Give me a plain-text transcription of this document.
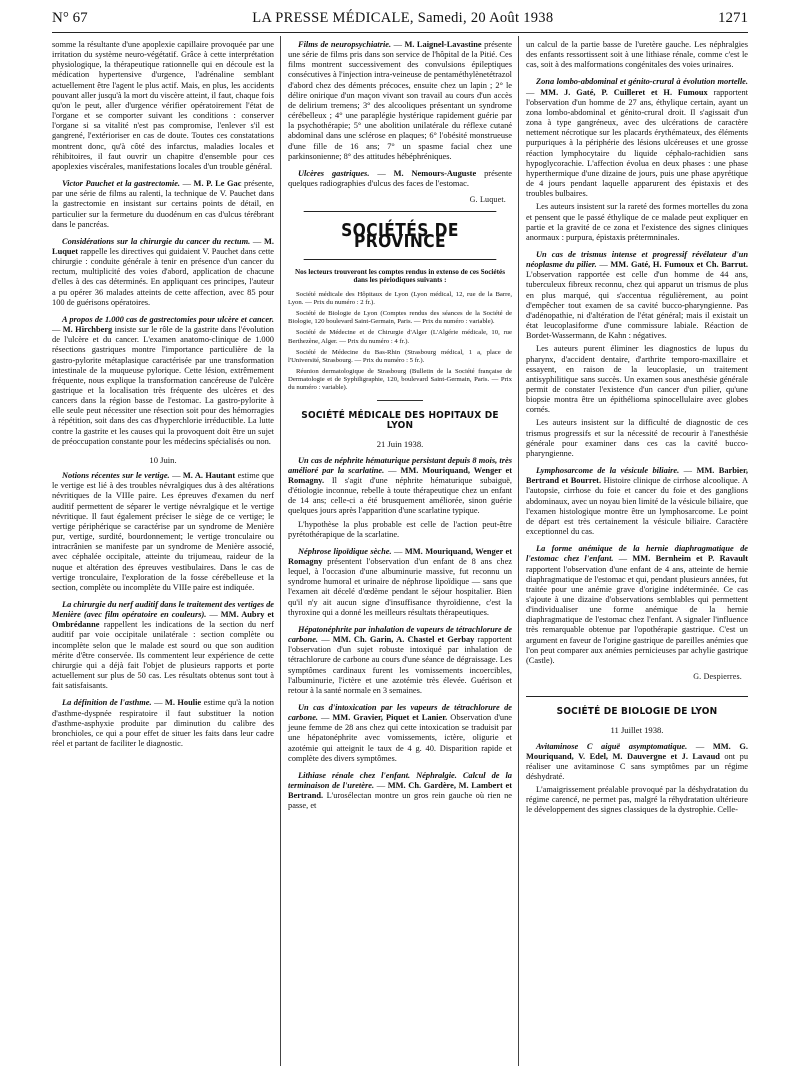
N° 67	LA PRESSE MÉDICALE, Samedi, 20 Août 1938	1271

somme la résultante d'une apoplexie capillaire provoquée par une irritation du système neuro-végétatif. Grâce à cette interprétation physiologique, la thérapeutique rationnelle qui en découle est la médication hypertensive d'urgence, l'adrénaline semblant actuellement être l'agent le plus actif. Mais, en plus, les accidents pouvant aller jusqu'à la mort du viscère atteint, il faut, chaque fois qu'on le peut, aller d'urgence vérifier opératoirement l'état de l'organe et se comporter suivant les conditions : conserver l'organe si sa vitalité n'est pas compromise, l'enlever s'il est gangrené, l'extérioriser en cas de doute. Toutes ces constatations montrent donc, qu'à côté des infarctus, maladies locales et réhibitoires, il faut ouvrir un chapitre d'ensemble pour ces apoplexies viscérales, manifestations locales d'un trouble général.

Victor Pauchet et la gastrectomie. — M. P. Le Gac présente, par une série de films au ralenti, la technique de V. Pauchet dans la gastrectomie en insistant sur certains points de détail, en particulier sur la fermeture du duodénum en cas d'ulcus térébrant dans le pancréas.

Considérations sur la chirurgie du cancer du rectum. — M. Luquet rappelle les directives qui guidaient V. Pauchet dans cette chirurgie : conduite générale à tenir en présence d'un cancer du rectum, multiplicité des voies d'abord, application de chacune d'elles à des cas déterminés. En appliquant ces principes, l'auteur a pu opérer 36 malades atteints de cette affection, avec 85 pour 100 de guérisons opératoires.

A propos de 1.000 cas de gastrectomies pour ulcère et cancer. — M. Hirchberg insiste sur le rôle de la gastrite dans l'évolution de l'ulcère et du cancer. L'examen anatomo-clinique de 1.000 résections gastriques montre l'importance particulière de la gastro-pylorite métaplasique caractérisée par une transformation intestinale de la muqueuse pylorique. Cette lésion, extrêmement fréquente, nous explique la transformation cancéreuse de l'ulcère gastrique et la localisation très fréquente des ulcères et des cancers dans la région basse de l'estomac. La gastro-pylorite à elle seule peut nécessiter une résection soit pour des hémorragies à répétition, soit dans des cas d'hyperchlorie irréductible. La lutte contre la gastrite et les causes qui la provoquent doit être un sujet de préoccupation constante pour les médecins spécialisés ou non.

10 Juin.

Notions récentes sur le vertige. — M. A. Hautant estime que le vertige est lié à des troubles névralgiques dus à des altérations névritiques de la VIIIe paire. Les épreuves d'examen du nerf auditif permettent de séparer le vertige névralgique et le vertige névritique. Il faut également préciser le siège de ce vertige; le vertige périphérique se caractérise par un syndrome de Menière pur, vertige, surdité, bourdonnement; le vertige tronculaire ou intracrânien se manifeste par un syndrome de Menière associé, avec céphalée occipitale, atteinte du trijumeau, raideur de la nuque et altération des épreuves vestibulaires. Dans le cas de vertige tronculaire, l'exploration de la fosse cérébelleuse et la section, complète ou incomplète du VIIIe paire est indiquée.

La chirurgie du nerf auditif dans le traitement des vertiges de Menière (avec film opératoire en couleurs). — MM. Aubry et Ombrédanne rappellent les indications de la section du nerf auditif par voie occipitale unilatérale : section complète ou incomplète selon que le malade est sourd ou que son audition mérite d'être conservée. Ils commentent leur expérience de cette chirurgie qui a déjà fait l'objet de plusieurs rapports et porte actuellement sur plus de 50 cas. Les résultats obtenus sont tout à fait satisfaisants.

La définition de l'asthme. — M. Houlie estime qu'à la notion d'asthme-dyspnée respiratoire il faut substituer la notion d'asthme-asphyxie produite par diminution du calibre des bronchioles, ce qui a pour effet de situer les faits dans leur cadre réel et partant de faciliter le diagnostic.

Films de neuropsychiatrie. — M. Laignel-Lavastine présente une série de films pris dans son service de l'hôpital de la Pitié. Ces films montrent successivement des convulsions épileptiques consécutives à l'injection intra-veineuse de pentaméthylènetétrazol d'abord chez des déments précoces, ensuite chez un lapin ; 2° le délire onirique d'un maçon vivant son travail au cours d'un accès de delirium tremens; 3° des alcooliques présentant un syndrome cérébelleux ; 4° une paraplégie hystérique rapidement guérie par la psychothérapie; 5° une abolition unilatérale du réflexe cutané abdominal dans une sclérose en plaques; 6° l'obésité monstrueuse d'une fille de 16 ans; 7° un spasme facial chez une parkinsonienne; 8° des attitudes hébéphréniques.

Ulcères gastriques. — M. Nemours-Auguste présente quelques radiographies d'ulcus des faces de l'estomac.

G. Luquet.
SOCIÉTÉS DE PROVINCE

Nos lecteurs trouveront les comptes rendus in extenso de ces Sociétés dans les périodiques suivants :

Société médicale des Hôpitaux de Lyon (Lyon médical, 12, rue de la Barre, Lyon. — Prix du numéro : 2 fr.).

Société de Biologie de Lyon (Comptes rendus des séances de la Société de Biologie, 120 boulevard Saint-Germain, Paris. — Prix du numéro : variable).

Société de Médecine et de Chirurgie d'Alger (L'Algérie médicale, 10, rue Berthezène, Alger. — Prix du numéro : 4 fr.).

Société de Médecine du Bas-Rhin (Strasbourg médical, 1 a, place de l'Université, Strasbourg. — Prix du numéro : 5 fr.).

Réunion dermatologique de Strasbourg (Bulletin de la Société française de Dermatologie et de Syphiligraphie, 120, boulevard Saint-Germain, Paris. — Prix du numéro : variable).

SOCIÉTÉ MÉDICALE DES HOPITAUX DE LYON
21 Juin 1938.

Un cas de néphrite hématurique persistant depuis 8 mois, très amélioré par la scarlatine. — MM. Mouriquand, Wenger et Romagny. Il s'agit d'une néphrite hématurique subaiguë, d'étiologie inconnue, rebelle à toute thérapeutique chez un enfant de 14 ans; celle-ci a été brusquement améliorée, sinon guérie quelques jours après l'apparition d'une scarlatine typique.

L'hypothèse la plus probable est celle de l'action peut-être pyrétothérapique de la scarlatine.

Néphrose lipoïdique sèche. — MM. Mouriquand, Wenger et Romagny présentent l'observation d'un enfant de 8 ans chez lequel, à l'occasion d'une albuminurie massive, fut reconnu un syndrome humoral et urinaire de néphrose lipoïdique — sans que l'examen ait décelé d'œdème pendant le séjour hospitalier. Bien qu'il n'y ait aucun signe d'insuffisance thyroïdienne, c'est la thyroxine qui a donné les meilleurs résultats thérapeutiques.

Hépatonéphrite par inhalation de vapeurs de tétrachlorure de carbone. — MM. Ch. Garin, A. Chastel et Gerbay rapportent l'observation d'un sujet robuste intoxiqué par inhalation de tétrachlorure de carbone au cours d'une séance de dégraissage. Les symptômes cardinaux furent les vomissements incoercibles, l'albuminurie, l'ictère et une azotémie très élevée. Guérison et retour à la santé normale en 3 semaines.

Un cas d'intoxication par les vapeurs de tétrachlorure de carbone. — MM. Gravier, Piquet et Lanier. Observation d'une jeune femme de 28 ans chez qui cette intoxication se traduisit par une hépatonéphrite avec vomissements, ictère, oligurie et azotémie qui atteignit le taux de 4 g. 40. Disparition rapide et complète des divers symptômes.

Lithiase rénale chez l'enfant. Néphralgie. Calcul de la terminaison de l'uretère. — MM. Ch. Gardère, M. Lambert et Bertrand. L'urosélectan montre un gros rein gauche où rien ne passe, et

un calcul de la partie basse de l'uretère gauche. Les néphralgies des enfants ressortissent soit à une lithiase rénale, comme c'est le cas, soit à des malformations congénitales des voies urinaires.

Zona lombo-abdominal et génito-crural à évolution mortelle. — MM. J. Gaté, P. Cuilleret et H. Fumoux rapportent l'observation d'un homme de 27 ans, éthylique certain, ayant un zona lombo-abdominal et génito-crural droit. Il s'agissait d'un zona à type gangréneux, avec des ulcérations de caractère nettement nécrotique sur les placards érythémateux, des éléments purpuriques à la périphérie des lésions ulcéreuses et une grosse réaction lymphocytaire du liquide céphalo-rachidien sans hypoglycorachie. L'affection évolua en deux phases : une phase hyperthermique d'une dizaine de jours, puis une phase apyrétique de 4 jours pendant laquelle apparurent des épistaxis et des troubles bulbaires.

Les auteurs insistent sur la rareté des formes mortelles du zona et pensent que le passé éthylique de ce malade peut expliquer en partie et la gravité de ce zona et l'existence des signes cliniques anormaux : purpura, épistaxis prétermninales.

Un cas de trismus intense et progressif révélateur d'un néoplasme du pilier. — MM. Gaté, H. Fumoux et Ch. Barrut. L'observation rapportée est celle d'un homme de 44 ans, tuberculeux fibreux reconnu, chez qui apparut un trismus de plus en plus marqué, qui s'accentua régulièrement, au point d'empêcher tout examen de sa cavité bucco-pharyngienne. Pas d'adénopathie, ni d'altération de l'état général; mais il existait un état leucoplasiforme d'une commissure labiale. Réaction de Bordet-Wassermann, de Kahn : négatives.

Les auteurs purent éliminer les diagnostics de lupus du pharynx, d'accident dentaire, d'arthrite temporo-maxillaire et essayent, en raison de la leucoplasie, un traitement antisyphilitique sans succès. Un examen sous anesthésie générale permit de constater l'existence d'un cancer d'un pilier, qu'une biopsie montra être un épithélioma spinocellulaire avec globes cornés.

Les auteurs insistent sur la difficulté de diagnostic de ces trismus progressifs et sur la nécessité de recourir à l'anesthésie générale pour examiner dans ces cas la cavité bucco-pharyngienne.

Lymphosarcome de la vésicule biliaire. — MM. Barbier, Bertrand et Bourret. Histoire clinique de cirrhose alcoolique. A l'autopsie, cirrhose du foie et cancer du foie et des ganglions abdominaux, avec un noyau bien limité de la vésicule biliaire, que l'examen histologique montre être un lymphosarcome. Le point de départ est très certainement la vésicule biliaire. Caractère exceptionnel du cas.

La forme anémique de la hernie diaphragmatique de l'estomac chez l'enfant. — MM. Bernheim et P. Ravault rapportent l'observation d'une enfant de 4 ans, atteinte de hernie diaphragmatique de l'estomac et qui, pendant plusieurs années, fut traitée pour une anémie grave d'origine indéterminée. Ce cas s'ajoute à une dizaine d'observations semblables qui permettent d'individualiser une forme anémique de la hernie diaphragmatique de l'estomac chez l'enfant. A signaler l'influence très remarquable obtenue par l'opothérapie gastrique. C'est un argument en faveur de l'origine gastrique de pareilles anémies que l'on peut comparer aux anémies pernicieuses par achylie gastrique (Castle).

G. Despierres.
SOCIÉTÉ DE BIOLOGIE DE LYON
11 Juillet 1938.

Avitaminose C aiguë asymptomatique. — MM. G. Mouriquand, V. Edel, M. Dauvergne et J. Lavaud ont pu réaliser une avitaminose C sans symptômes par un régime déshydraté.

L'amaigrissement préalable provoqué par la déshydratation du régime carencé, ne permet pas, malgré la réhydratation ultérieure le développement des signes classiques de la dystrophie. Celle-
